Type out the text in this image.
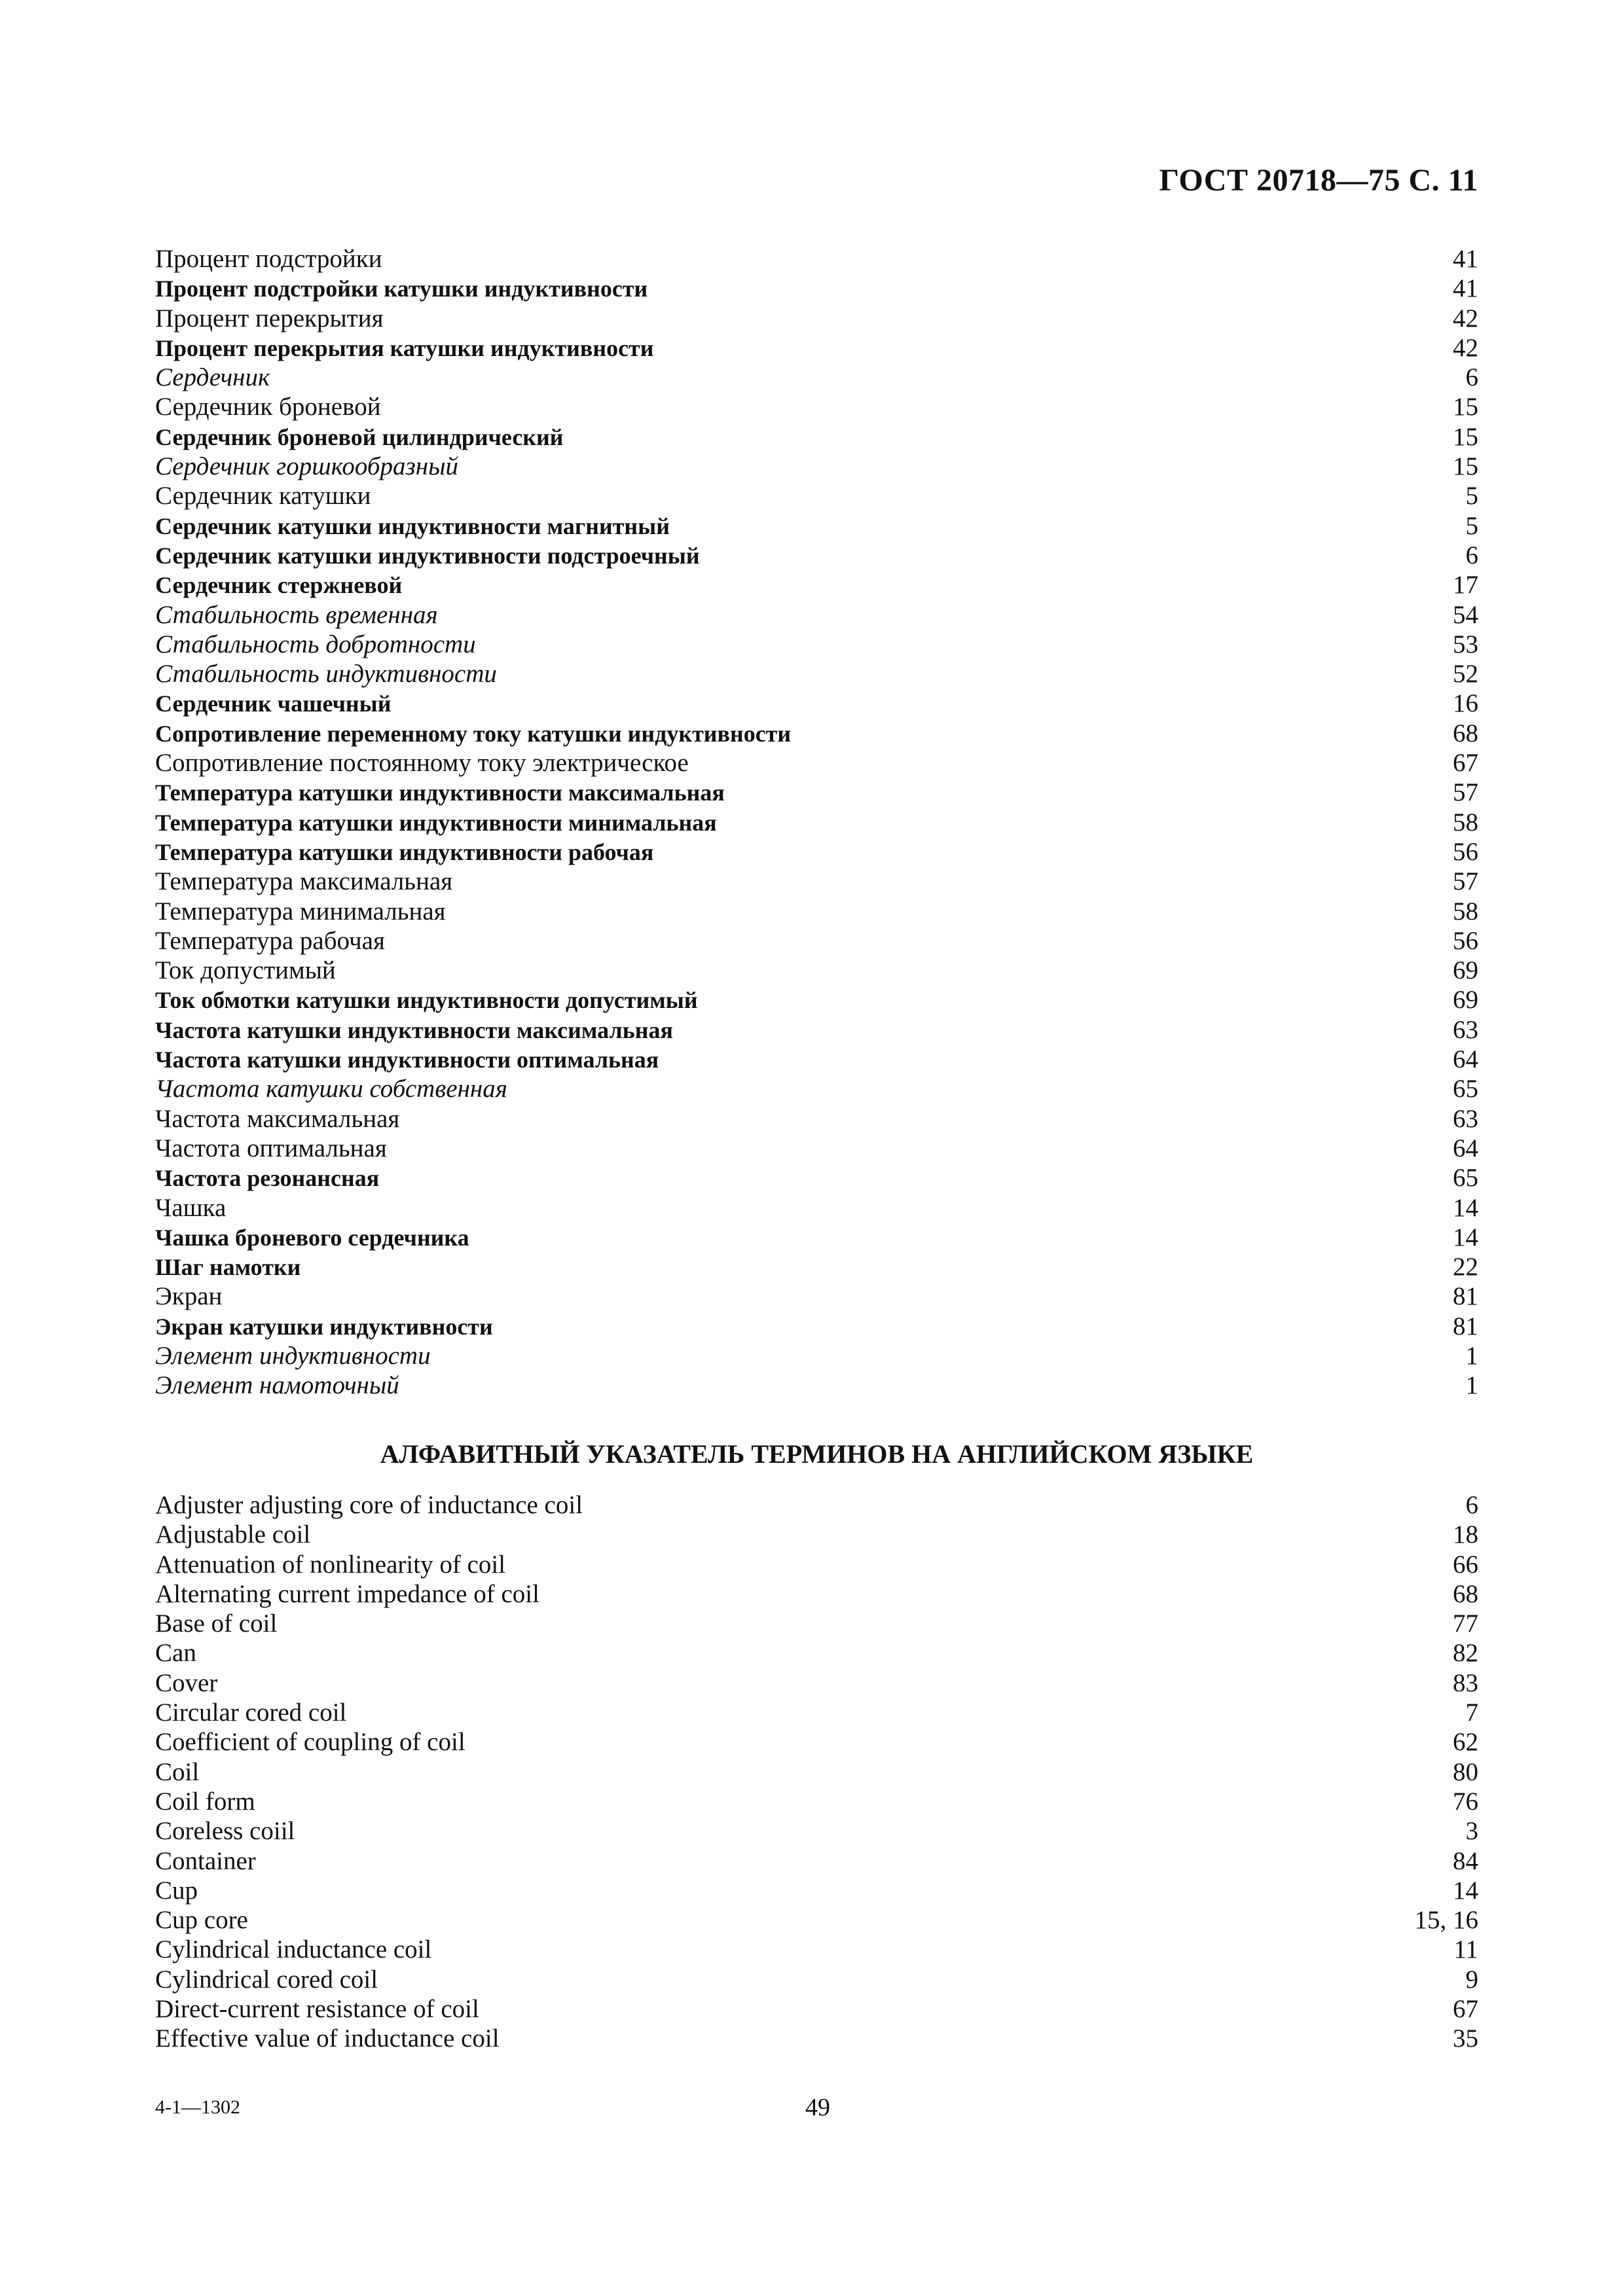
ГОСТ 20718—75 С. 11
Процент подстройки	41
Процент подстройки катушки индуктивности	41
Процент перекрытия	42
Процент перекрытия катушки индуктивности	42
Сердечник	6
Сердечник броневой	15
Сердечник броневой цилиндрический	15
Сердечник горшкообразный	15
Сердечник катушки	5
Сердечник катушки индуктивности магнитный	5
Сердечник катушки индуктивности подстроечный	6
Сердечник стержневой	17
Стабильность временная	54
Стабильность добротности	53
Стабильность индуктивности	52
Сердечник чашечный	16
Сопротивление переменному току катушки индуктивности	68
Сопротивление постоянному току электрическое	67
Температура катушки индуктивности максимальная	57
Температура катушки индуктивности минимальная	58
Температура катушки индуктивности рабочая	56
Температура максимальная	57
Температура минимальная	58
Температура рабочая	56
Ток допустимый	69
Ток обмотки катушки индуктивности допустимый	69
Частота катушки индуктивности максимальная	63
Частота катушки индуктивности оптимальная	64
Частота катушки собственная	65
Частота максимальная	63
Частота оптимальная	64
Частота резонансная	65
Чашка	14
Чашка броневого сердечника	14
Шаг намотки	22
Экран	81
Экран катушки индуктивности	81
Элемент индуктивности	1
Элемент намоточный	1
АЛФАВИТНЫЙ УКАЗАТЕЛЬ ТЕРМИНОВ НА АНГЛИЙСКОМ ЯЗЫКЕ
Adjuster adjusting core of inductance coil	6
Adjustable coil	18
Attenuation of nonlinearity of coil	66
Alternating current impedance of coil	68
Base of coil	77
Can	82
Cover	83
Circular cored coil	7
Coefficient of coupling of coil	62
Coil	80
Coil form	76
Coreless coiil	3
Container	84
Cup	14
Cup core	15, 16
Cylindrical inductance coil	11
Cylindrical cored coil	9
Direct-current resistance of coil	67
Effective value of inductance coil	35
4-1—1302	49
